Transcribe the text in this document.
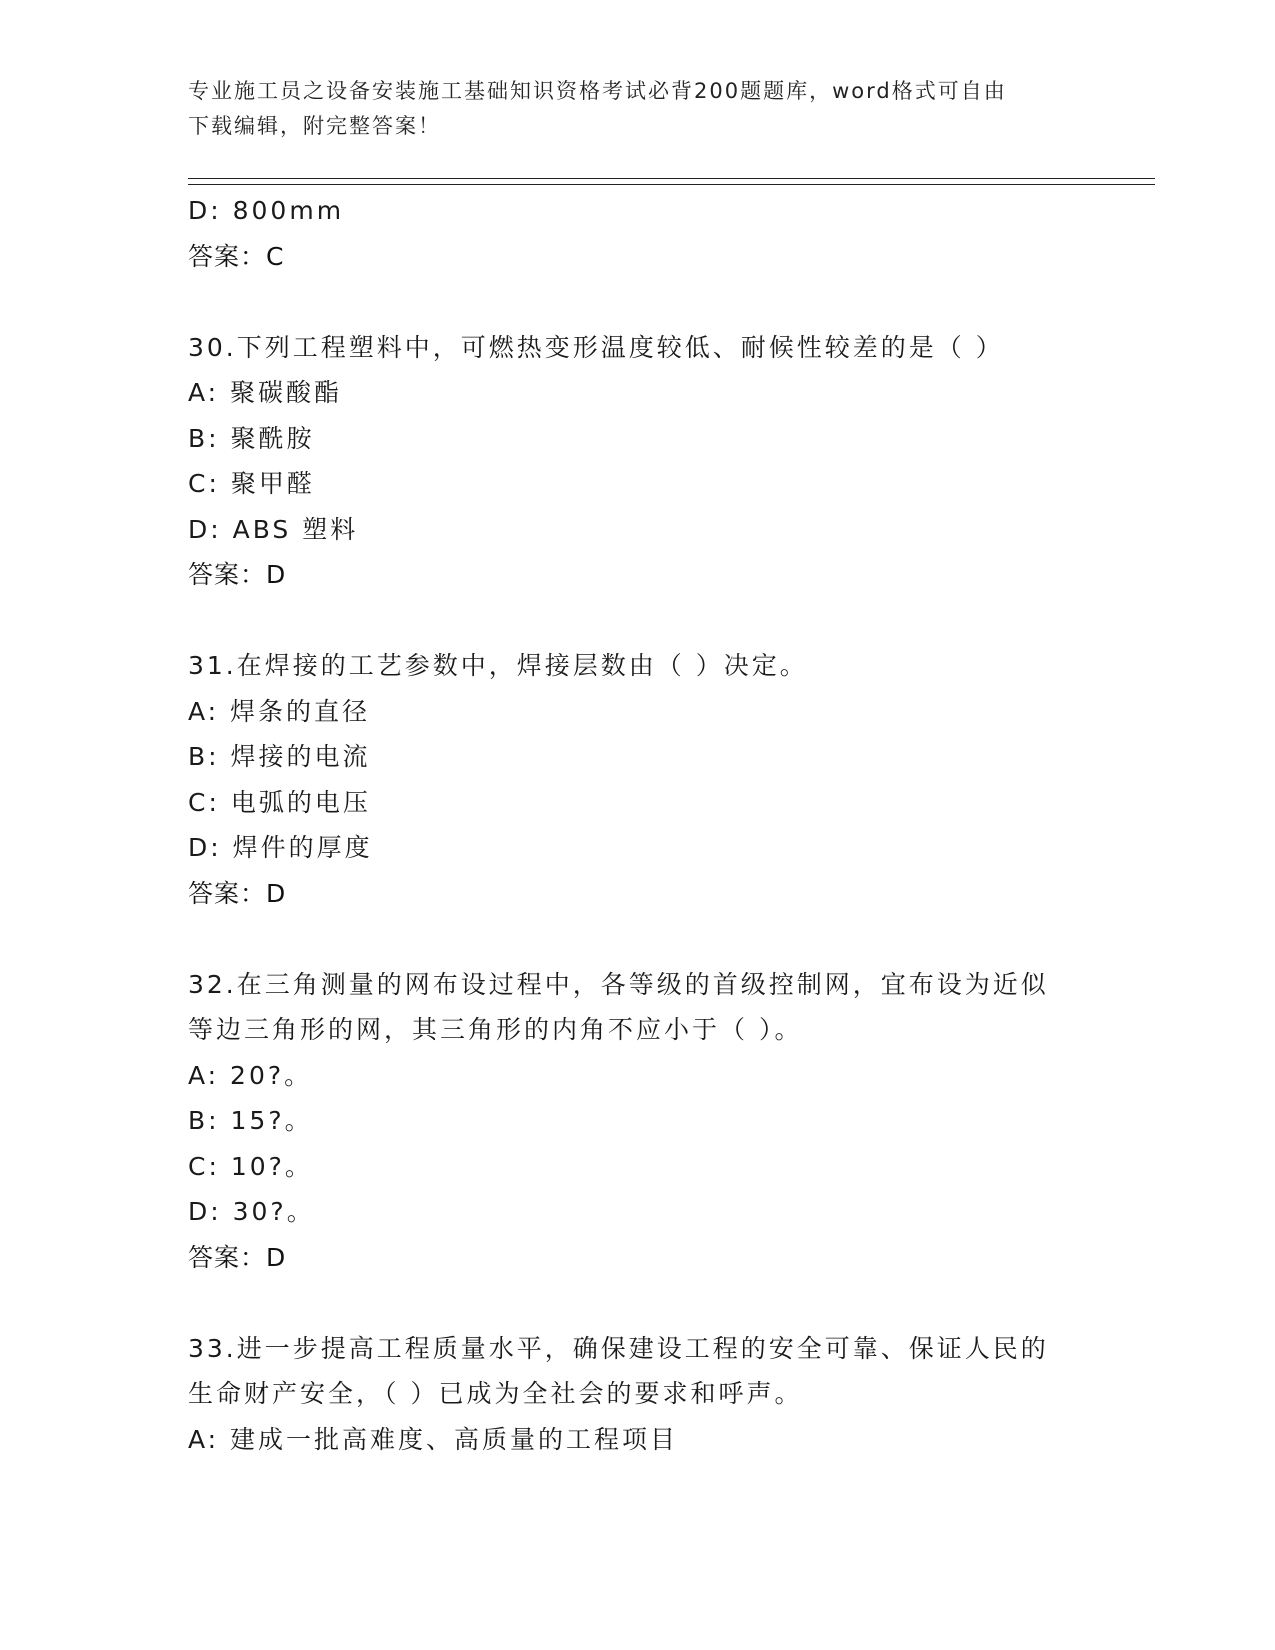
专业施工员之设备安装施工基础知识资格考试必背200题题库，word格式可自由
下载编辑，附完整答案！
D: 800mm
答案：C
30.下列工程塑料中，可燃热变形温度较低、耐候性较差的是（ ）
A: 聚碳酸酯
B: 聚酰胺
C: 聚甲醛
D: ABS 塑料
答案：D
31.在焊接的工艺参数中，焊接层数由（ ）决定。
A: 焊条的直径
B: 焊接的电流
C: 电弧的电压
D: 焊件的厚度
答案：D
32.在三角测量的网布设过程中，各等级的首级控制网，宜布设为近似
等边三角形的网，其三角形的内角不应小于（ ）。
A: 20?。
B: 15?。
C: 10?。
D: 30?。
答案：D
33.进一步提高工程质量水平，确保建设工程的安全可靠、保证人民的
生命财产安全，（ ）已成为全社会的要求和呼声。
A: 建成一批高难度、高质量的工程项目
